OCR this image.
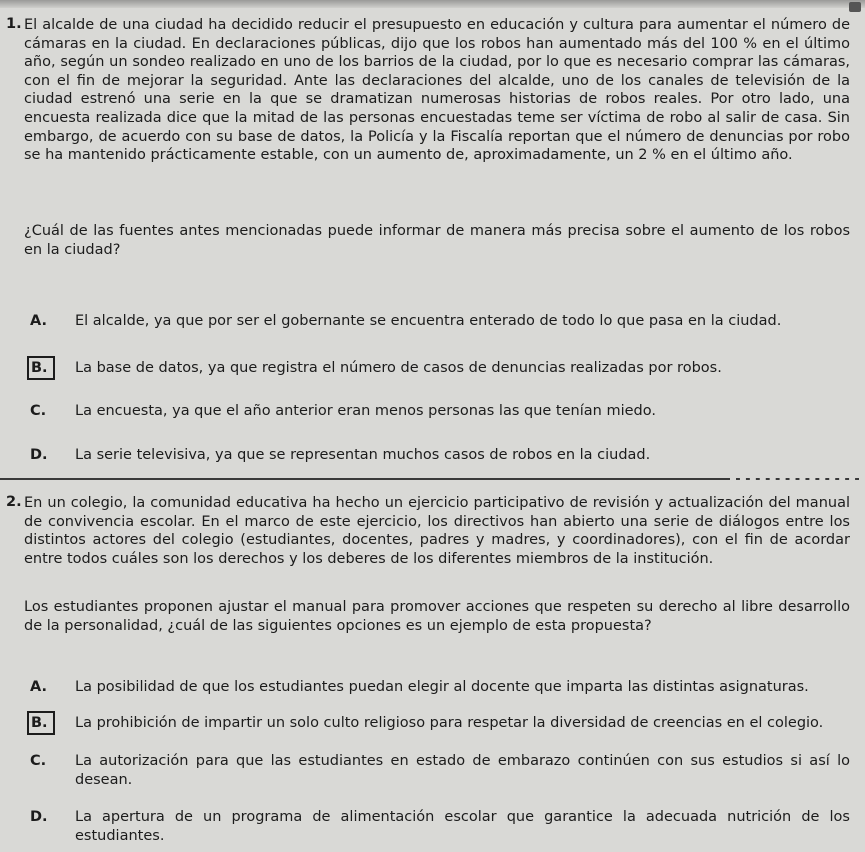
1. El alcalde de una ciudad ha decidido reducir el presupuesto en educación y cultura para aumentar el número de cámaras en la ciudad. En declaraciones públicas, dijo que los robos han aumentado más del 100 % en el último año, según un sondeo realizado en uno de los barrios de la ciudad, por lo que es necesario comprar las cámaras, con el fin de mejorar la seguridad. Ante las declaraciones del alcalde, uno de los canales de televisión de la ciudad estrenó una serie en la que se dramatizan numerosas historias de robos reales. Por otro lado, una encuesta realizada dice que la mitad de las personas encuestadas teme ser víctima de robo al salir de casa. Sin embargo, de acuerdo con su base de datos, la Policía y la Fiscalía reportan que el número de denuncias por robo se ha mantenido prácticamente estable, con un aumento de, aproximadamente, un 2 % en el último año.

¿Cuál de las fuentes antes mencionadas puede informar de manera más precisa sobre el aumento de los robos en la ciudad?

A. El alcalde, ya que por ser el gobernante se encuentra enterado de todo lo que pasa en la ciudad.

B.	La base de datos, ya que registra el número de casos de denuncias realizadas por robos.

C. La encuesta, ya que el año anterior eran menos personas las que tenían miedo.

D. La serie televisiva, ya que se representan muchos casos de robos en la ciudad.

2. En un colegio, la comunidad educativa ha hecho un ejercicio participativo de revisión y actualización del manual de convivencia escolar. En el marco de este ejercicio, los directivos han abierto una serie de diálogos entre los distintos actores del colegio (estudiantes, docentes, padres y madres, y coordinadores), con el fin de acordar entre todos cuáles son los derechos y los deberes de los diferentes miembros de la institución.

Los estudiantes proponen ajustar el manual para promover acciones que respeten su derecho al libre desarrollo de la personalidad, ¿cuál de las siguientes opciones es un ejemplo de esta propuesta?

A. La posibilidad de que los estudiantes puedan elegir al docente que imparta las distintas asignaturas.

B.	La prohibición de impartir un solo culto religioso para respetar la diversidad de creencias en el colegio.

C. La autorización para que las estudiantes en estado de embarazo continúen con sus estudios si así lo desean.

D. La apertura de un programa de alimentación escolar que garantice la adecuada nutrición de los estudiantes.
